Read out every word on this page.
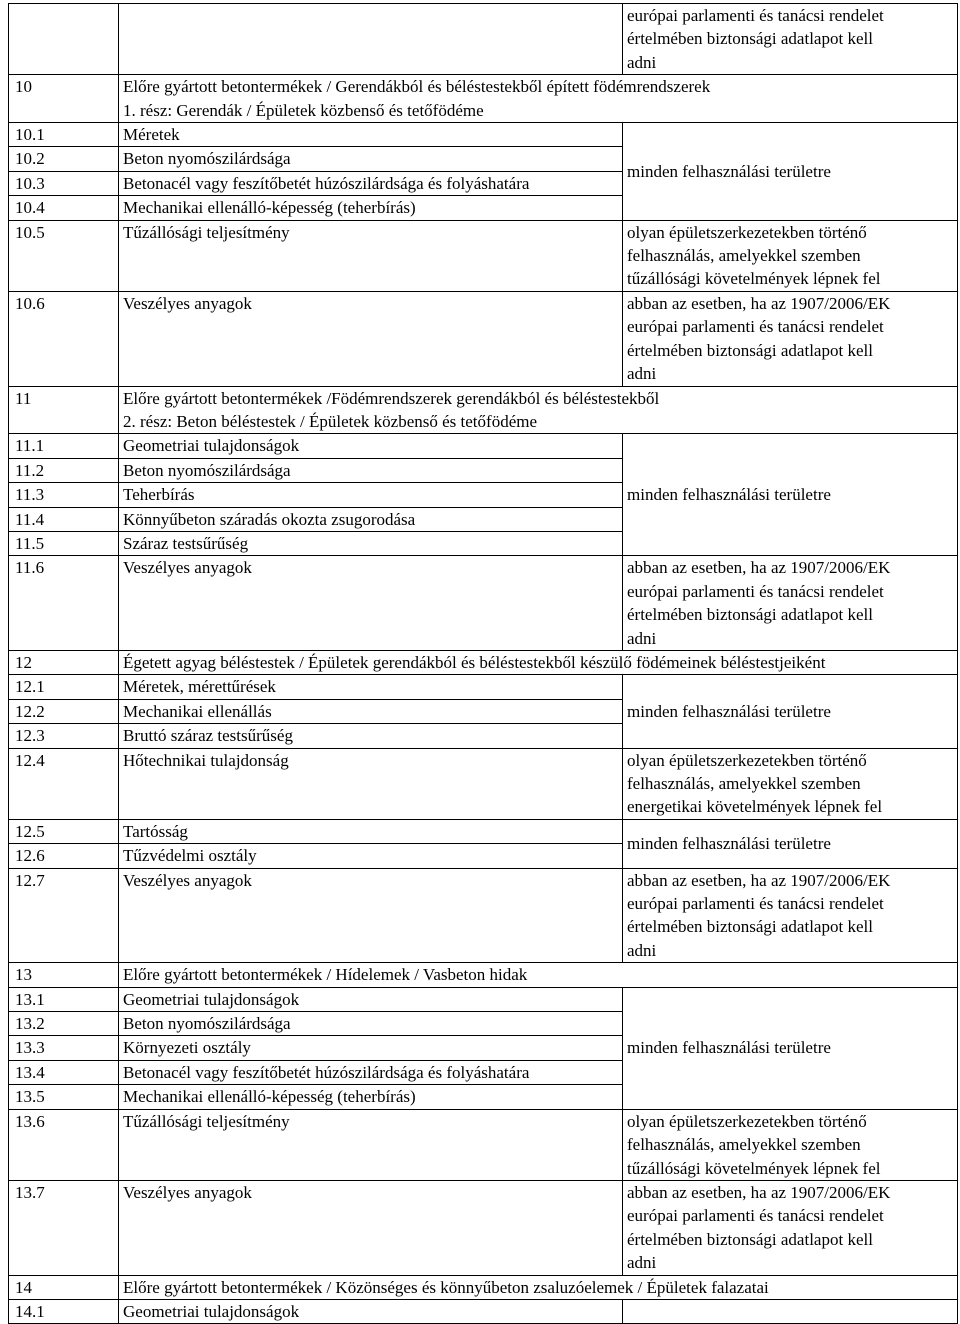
		európai parlamenti és tanácsi rendelet
értelmében biztonsági adatlapot kell
adni

10	Előre gyártott betontermékek / Gerendákból és béléstestekből épített födémrendszerek
1. rész: Gerendák / Épületek közbenső és tetőfödéme	

10.1	Méretek	minden felhasználási területre
10.2	Beton nyomószilárdsága	
10.3	Betonacél vagy feszítőbetét húzószilárdsága és folyáshatára	
10.4	Mechanikai ellenálló-képesség (teherbírás)	
10.5	Tűzállósági teljesítmény	olyan épületszerkezetekben történő
felhasználás, amelyekkel szemben
tűzállósági követelmények lépnek fel

10.6	Veszélyes anyagok	abban az esetben, ha az 1907/2006/EK
európai parlamenti és tanácsi rendelet
értelmében biztonsági adatlapot kell
adni

11	Előre gyártott betontermékek /Födémrendszerek gerendákból és béléstestekből
2. rész: Beton béléstestek / Épületek közbenső és tetőfödéme	

11.1	Geometriai tulajdonságok	minden felhasználási területre
11.2	Beton nyomószilárdsága	
11.3	Teherbírás	
11.4	Könnyűbeton száradás okozta zsugorodása	
11.5	Száraz testsűrűség	
11.6	Veszélyes anyagok	abban az esetben, ha az 1907/2006/EK
európai parlamenti és tanácsi rendelet
értelmében biztonsági adatlapot kell
adni

12	Égetett agyag béléstestek / Épületek gerendákból és béléstestekből készülő födémeinek béléstestjeiként	
12.1	Méretek, mérettűrések	minden felhasználási területre
12.2	Mechanikai ellenállás	
12.3	Bruttó száraz testsűrűség	
12.4	Hőtechnikai tulajdonság	olyan épületszerkezetekben történő
felhasználás, amelyekkel szemben
energetikai követelmények lépnek fel

12.5	Tartósság	minden felhasználási területre
12.6	Tűzvédelmi osztály	
12.7	Veszélyes anyagok	abban az esetben, ha az 1907/2006/EK
európai parlamenti és tanácsi rendelet
értelmében biztonsági adatlapot kell
adni

13	Előre gyártott betontermékek / Hídelemek / Vasbeton hidak	
13.1	Geometriai tulajdonságok	minden felhasználási területre
13.2	Beton nyomószilárdsága	
13.3	Környezeti osztály	
13.4	Betonacél vagy feszítőbetét húzószilárdsága és folyáshatára	
13.5	Mechanikai ellenálló-képesség (teherbírás)	
13.6	Tűzállósági teljesítmény	olyan épületszerkezetekben történő
felhasználás, amelyekkel szemben
tűzállósági követelmények lépnek fel

13.7	Veszélyes anyagok	abban az esetben, ha az 1907/2006/EK
európai parlamenti és tanácsi rendelet
értelmében biztonsági adatlapot kell
adni

14	Előre gyártott betontermékek / Közönséges és könnyűbeton zsaluzóelemek / Épületek falazatai	
14.1	Geometriai tulajdonságok	
